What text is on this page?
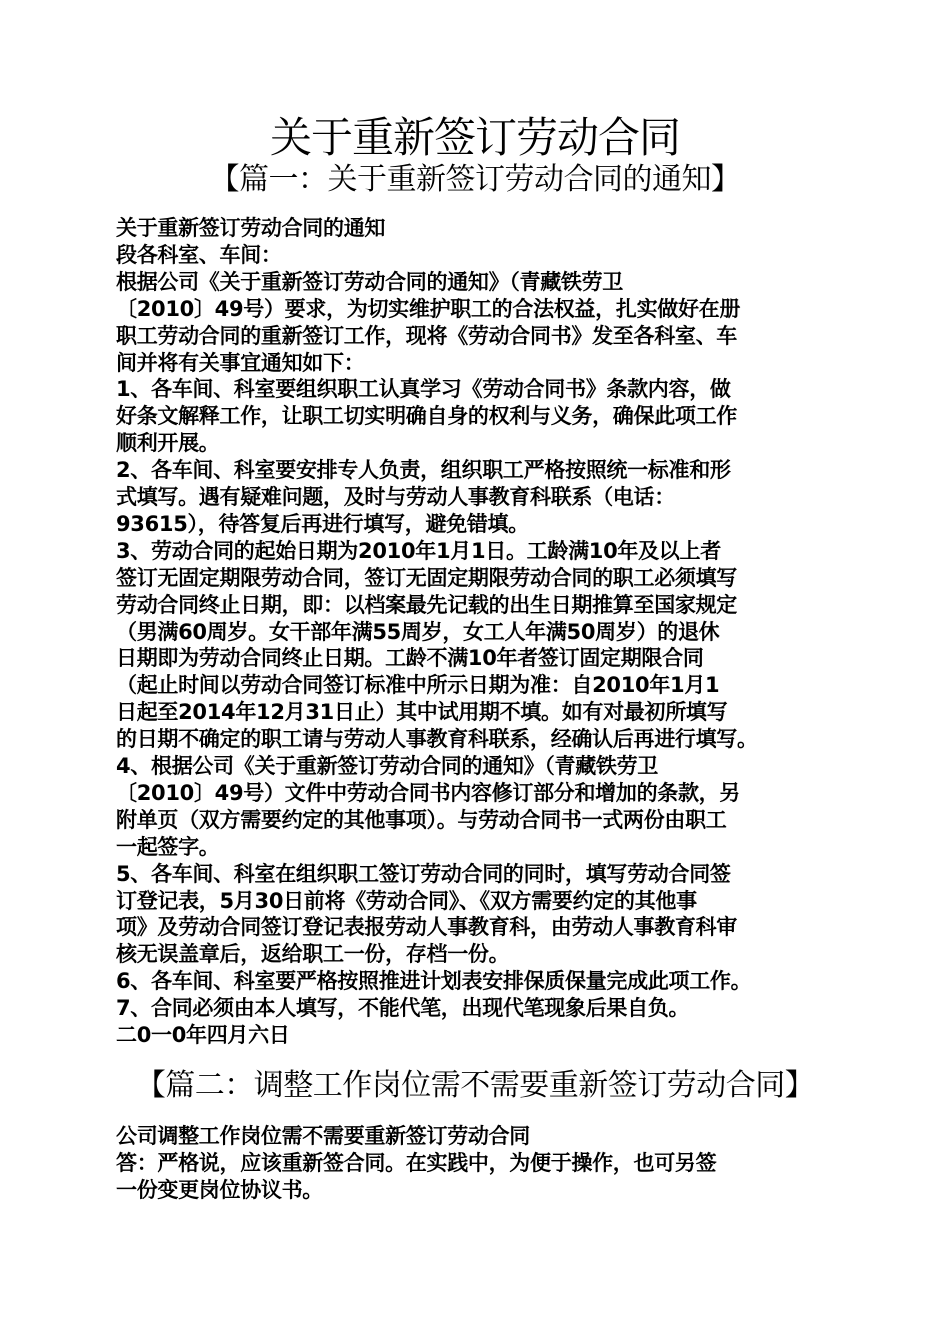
关于重新签订劳动合同
【篇一：关于重新签订劳动合同的通知】
关于重新签订劳动合同的通知
段各科室、车间：
根据公司《关于重新签订劳动合同的通知》（青藏铁劳卫
〔2010〕49号）要求，为切实维护职工的合法权益，扎实做好在册
职工劳动合同的重新签订工作，现将《劳动合同书》发至各科室、车
间并将有关事宜通知如下：
1、各车间、科室要组织职工认真学习《劳动合同书》条款内容，做
好条文解释工作，让职工切实明确自身的权利与义务，确保此项工作
顺利开展。
2、各车间、科室要安排专人负责，组织职工严格按照统一标准和形
式填写。遇有疑难问题，及时与劳动人事教育科联系（电话：
93615），待答复后再进行填写，避免错填。
3、劳动合同的起始日期为2010年1月1日。工龄满10年及以上者
签订无固定期限劳动合同，签订无固定期限劳动合同的职工必须填写
劳动合同终止日期，即：以档案最先记载的出生日期推算至国家规定
（男满60周岁。女干部年满55周岁，女工人年满50周岁）的退休
日期即为劳动合同终止日期。工龄不满10年者签订固定期限合同
（起止时间以劳动合同签订标准中所示日期为准：自2010年1月1
日起至2014年12月31日止）其中试用期不填。如有对最初所填写
的日期不确定的职工请与劳动人事教育科联系，经确认后再进行填写。
4、根据公司《关于重新签订劳动合同的通知》（青藏铁劳卫
〔2010〕49号）文件中劳动合同书内容修订部分和增加的条款，另
附单页（双方需要约定的其他事项）。与劳动合同书一式两份由职工
一起签字。
5、各车间、科室在组织职工签订劳动合同的同时，填写劳动合同签
订登记表，5月30日前将《劳动合同》、《双方需要约定的其他事
项》及劳动合同签订登记表报劳动人事教育科，由劳动人事教育科审
核无误盖章后，返给职工一份，存档一份。
6、各车间、科室要严格按照推进计划表安排保质保量完成此项工作。
7、合同必须由本人填写，不能代笔，出现代笔现象后果自负。
二0一0年四月六日
【篇二：调整工作岗位需不需要重新签订劳动合同】
公司调整工作岗位需不需要重新签订劳动合同
答：严格说，应该重新签合同。在实践中，为便于操作，也可另签
一份变更岗位协议书。
